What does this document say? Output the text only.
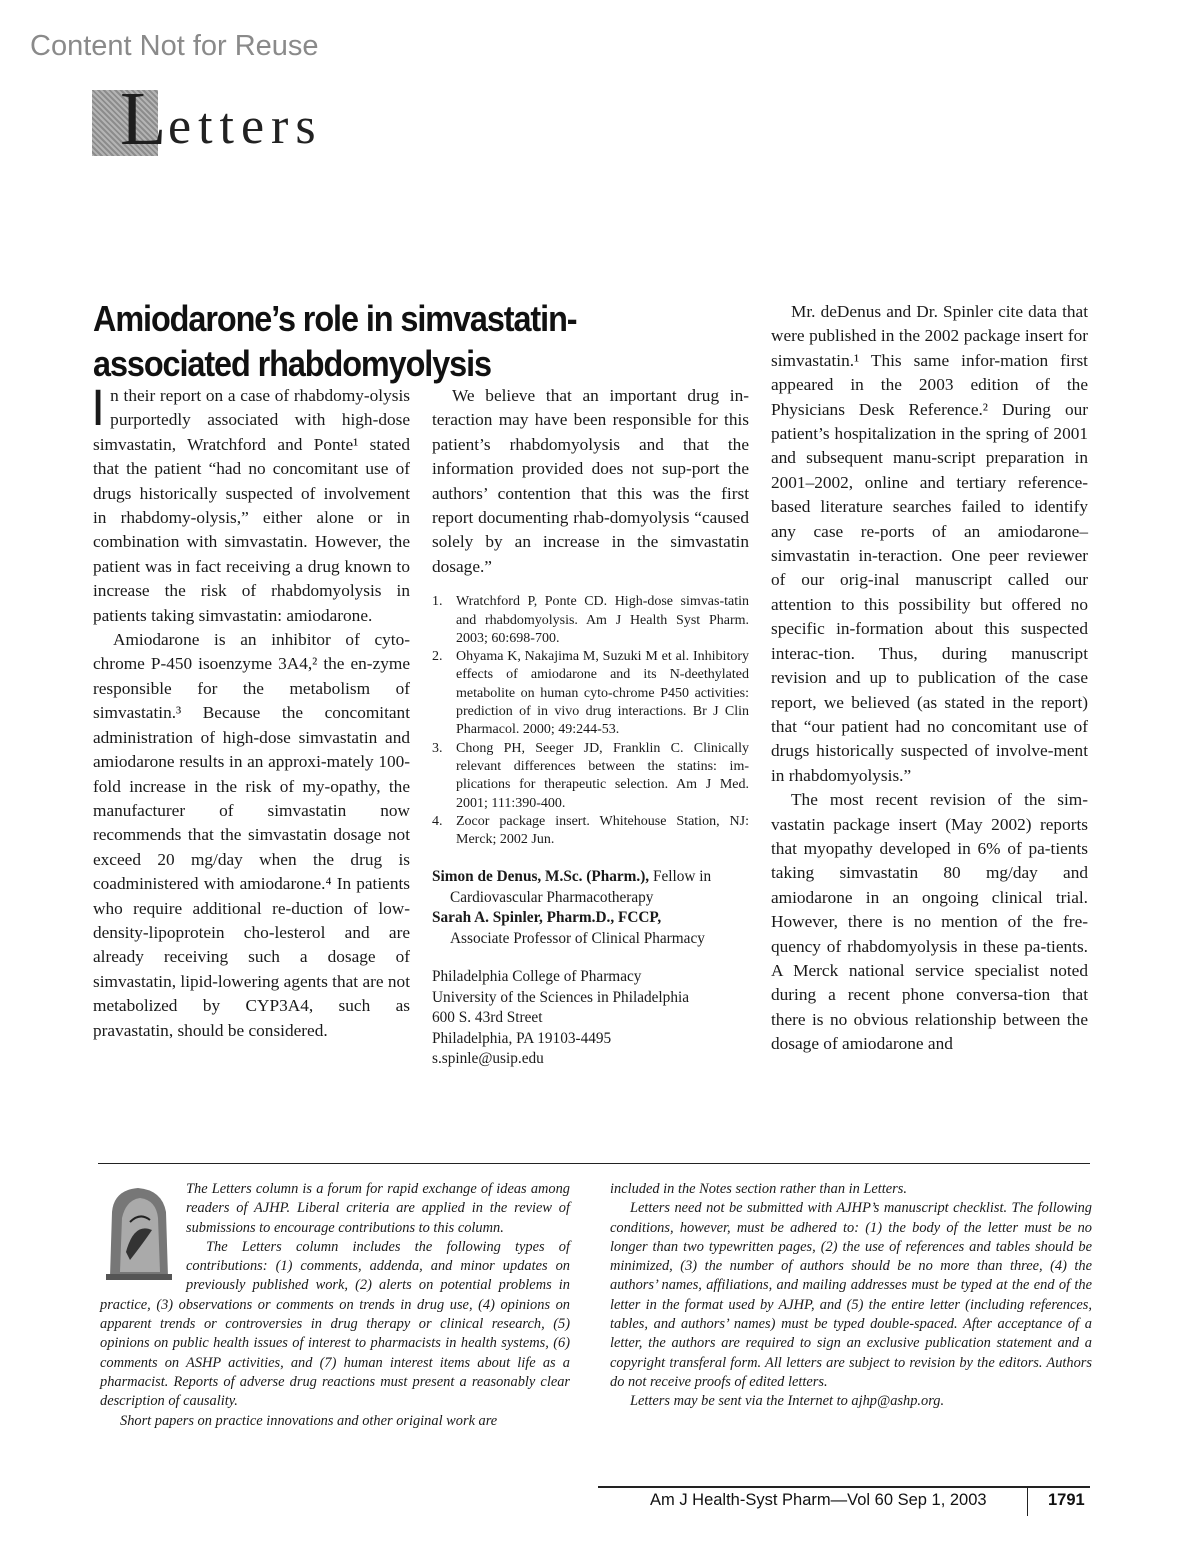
Content Not for Reuse
L etters
Amiodarone’s role in simvastatin-associated rhabdomyolysis

In their report on a case of rhabdomy-olysis purportedly associated with high-dose simvastatin, Wratchford and Ponte¹ stated that the patient “had no concomitant use of drugs historically suspected of involvement in rhabdomy-olysis,” either alone or in combination with simvastatin. However, the patient was in fact receiving a drug known to increase the risk of rhabdomyolysis in patients taking simvastatin: amiodarone.

Amiodarone is an inhibitor of cyto-chrome P-450 isoenzyme 3A4,² the en-zyme responsible for the metabolism of simvastatin.³ Because the concomitant administration of high-dose simvastatin and amiodarone results in an approxi-mately 100-fold increase in the risk of my-opathy, the manufacturer of simvastatin now recommends that the simvastatin dosage not exceed 20 mg/day when the drug is coadministered with amiodarone.⁴ In patients who require additional re-duction of low-density-lipoprotein cho-lesterol and are already receiving such a dosage of simvastatin, lipid-lowering agents that are not metabolized by CYP3A4, such as pravastatin, should be considered.

We believe that an important drug in-teraction may have been responsible for this patient’s rhabdomyolysis and that the information provided does not sup-port the authors’ contention that this was the first report documenting rhab-domyolysis “caused solely by an increase in the simvastatin dosage.”

1. Wratchford P, Ponte CD. High-dose simvas-tatin and rhabdomyolysis. Am J Health Syst Pharm. 2003; 60:698-700.
2. Ohyama K, Nakajima M, Suzuki M et al. Inhibitory effects of amiodarone and its N-deethylated metabolite on human cyto-chrome P450 activities: prediction of in vivo drug interactions. Br J Clin Pharmacol. 2000; 49:244-53.
3. Chong PH, Seeger JD, Franklin C. Clinically relevant differences between the statins: im-plications for therapeutic selection. Am J Med. 2001; 111:390-400.
4. Zocor package insert. Whitehouse Station, NJ: Merck; 2002 Jun.
Simon de Denus, M.Sc. (Pharm.), Fellow in
Cardiovascular Pharmacotherapy
Sarah A. Spinler, Pharm.D., FCCP,
Associate Professor of Clinical Pharmacy
Philadelphia College of Pharmacy
University of the Sciences in Philadelphia
600 S. 43rd Street
Philadelphia, PA 19103-4495
s.spinle@usip.edu

Mr. deDenus and Dr. Spinler cite data that were published in the 2002 package insert for simvastatin.¹ This same infor-mation first appeared in the 2003 edition of the Physicians Desk Reference.² During our patient’s hospitalization in the spring of 2001 and subsequent manu-script preparation in 2001–2002, online and tertiary reference-based literature searches failed to identify any case re-ports of an amiodarone–simvastatin in-teraction. One peer reviewer of our orig-inal manuscript called our attention to this possibility but offered no specific in-formation about this suspected interac-tion. Thus, during manuscript revision and up to publication of the case report, we believed (as stated in the report) that “our patient had no concomitant use of drugs historically suspected of involve-ment in rhabdomyolysis.”

The most recent revision of the sim-vastatin package insert (May 2002) reports that myopathy developed in 6% of pa-tients taking simvastatin 80 mg/day and amiodarone in an ongoing clinical trial. However, there is no mention of the fre-quency of rhabdomyolysis in these pa-tients. A Merck national service specialist noted during a recent phone conversa-tion that there is no obvious relationship between the dosage of amiodarone and

The Letters column is a forum for rapid exchange of ideas among readers of AJHP. Liberal criteria are applied in the review of submissions to encourage contributions to this column.

The Letters column includes the following types of contributions: (1) comments, addenda, and minor updates on previously published work, (2) alerts on potential problems in practice, (3) observations or comments on trends in drug use, (4) opinions on apparent trends or controversies in drug therapy or clinical research, (5) opinions on public health issues of interest to pharmacists in health systems, (6) comments on ASHP activities, and (7) human interest items about life as a pharmacist. Reports of adverse drug reactions must present a reasonably clear description of causality.

Short papers on practice innovations and other original work are

included in the Notes section rather than in Letters.

Letters need not be submitted with AJHP’s manuscript checklist. The following conditions, however, must be adhered to: (1) the body of the letter must be no longer than two typewritten pages, (2) the use of references and tables should be minimized, (3) the number of authors should be no more than three, (4) the authors’ names, affiliations, and mailing addresses must be typed at the end of the letter in the format used by AJHP, and (5) the entire letter (including references, tables, and authors’ names) must be typed double-spaced. After acceptance of a letter, the authors are required to sign an exclusive publication statement and a copyright transferal form. All letters are subject to revision by the editors. Authors do not receive proofs of edited letters.

Letters may be sent via the Internet to ajhp@ashp.org.

Am J Health-Syst Pharm—Vol 60 Sep 1, 2003	1791
